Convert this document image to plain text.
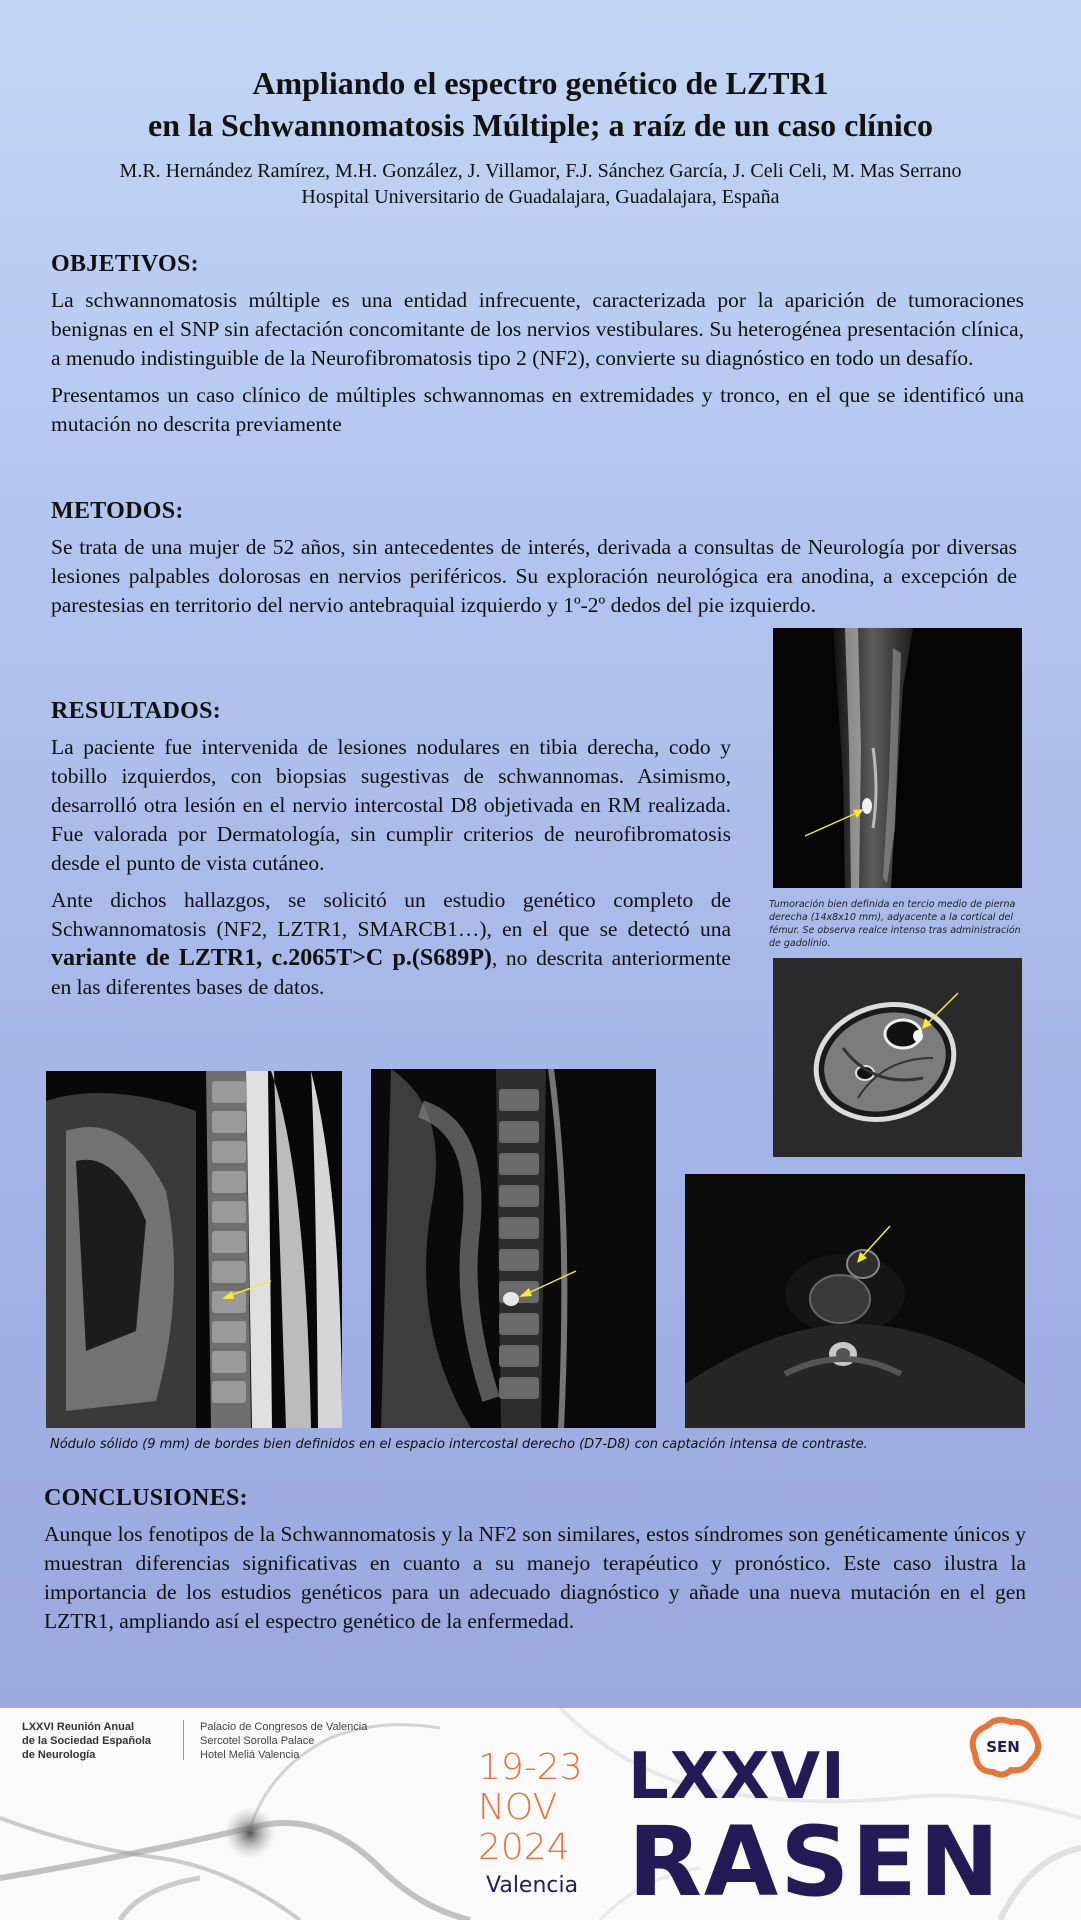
Ampliando el espectro genético de LZTR1
en la Schwannomatosis Múltiple; a raíz de un caso clínico
M.R. Hernández Ramírez, M.H. González, J. Villamor, F.J. Sánchez García, J. Celi Celi, M. Mas Serrano
Hospital Universitario de Guadalajara, Guadalajara, España
OBJETIVOS:
La schwannomatosis múltiple es una entidad infrecuente, caracterizada por la aparición de tumoraciones benignas en el SNP sin afectación concomitante de los nervios vestibulares. Su heterogénea presentación clínica, a menudo indistinguible de la Neurofibromatosis tipo 2 (NF2), convierte su diagnóstico en todo un desafío.
Presentamos un caso clínico de múltiples schwannomas en extremidades y tronco, en el que se identificó una mutación no descrita previamente
METODOS:
Se trata de una mujer de 52 años, sin antecedentes de interés, derivada a consultas de Neurología por diversas lesiones palpables dolorosas en nervios periféricos. Su exploración neurológica era anodina, a excepción de parestesias en territorio del nervio antebraquial izquierdo y 1º-2º dedos del pie izquierdo.
RESULTADOS:
La paciente fue intervenida de lesiones nodulares en tibia derecha, codo y tobillo izquierdos, con biopsias sugestivas de schwannomas. Asimismo, desarrolló otra lesión en el nervio intercostal D8 objetivada en RM realizada. Fue valorada por Dermatología, sin cumplir criterios de neurofibromatosis desde el punto de vista cutáneo.
Ante dichos hallazgos, se solicitó un estudio genético completo de Schwannomatosis (NF2, LZTR1, SMARCB1…), en el que se detectó una variante de LZTR1, c.2065T>C p.(S689P), no descrita anteriormente en las diferentes bases de datos.
Tumoración bien definida en tercio medio de pierna derecha (14x8x10 mm), adyacente a la cortical del fémur. Se observa realce intenso tras administración de gadolinio.
Nódulo sólido (9 mm) de bordes bien definidos en el espacio intercostal derecho (D7-D8) con captación intensa de contraste.
CONCLUSIONES:
Aunque los fenotipos de la Schwannomatosis y la NF2 son similares, estos síndromes son genéticamente únicos y muestran diferencias significativas en cuanto a su manejo terapéutico y pronóstico. Este caso ilustra la importancia de los estudios genéticos para un adecuado diagnóstico y añade una nueva mutación en el gen LZTR1, ampliando así el espectro genético de la enfermedad.
LXXVI Reunión Anual
de la Sociedad Española
de Neurología
Palacio de Congresos de Valencia
Sercotel Sorolla Palace
Hotel Meliá Valencia	19-23
NOV
2024
Valencia
LXXVI
RASEN
SEN
